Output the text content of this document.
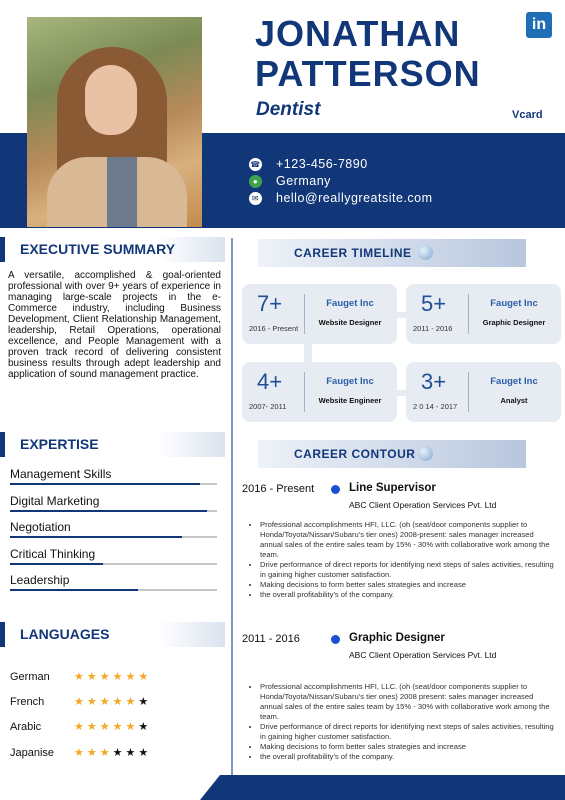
JONATHAN
PATTERSON
Dentist
in
Vcard
☎ +123-456-7890
● Germany
✉ hello@reallygreatsite.com
EXECUTIVE SUMMARY
A versatile, accomplished & goal-oriented professional with over 9+ years of experience in managing large-scale projects in the e-Commerce industry, including Business Development, Client Relationship Management, leadership, Retail Operations, operational excellence, and People Management with a proven track record of delivering consistent business results through adept leadership and application of sound management practice.
EXPERTISE
Management Skills
Digital Marketing
Negotiation
Critical Thinking
Leadership
LANGUAGES
German ★★★★★★
French	★★★★★★
Arabic	★★★★★★
Japanise ★★★★★★
CAREER TIMELINE
7+
2016 - Present
Fauget Inc
Website Designer
5+
2011 - 2016
Fauget Inc
Graphic Designer
4+
2007- 2011
Fauget Inc
Website Engineer
3+
2 0 14 - 2017
Fauget Inc
Analyst
CAREER CONTOUR
2016 - Present	Line Supervisor
ABC Client Operation Services Pvt. Ltd
• Professional accomplishments HFI, LLC. (oh (seat/door components supplier to Honda/Toyota/Nissan/Subaru's tier ones) 2008-present: sales manager increased annual sales of the entire sales team by 15% - 30% with collaborative work among the team.
• Drive performance of direct reports for identifying next steps of sales activities, resulting in gaining higher customer satisfaction.
• Making decisions to form better sales strategies and increase
• the overall profitability's of the company.
2011 - 2016	Graphic Designer
ABC Client Operation Services Pvt. Ltd
• Professional accomplishments HFI, LLC. (oh (seat/door components supplier to Honda/Toyota/Nissan/Subaru's tier ones) 2008 present: sales manager increased annual sales of the entire sales team by 15% - 30% with collaborative work among the team.
• Drive performance of direct reports for identifying next steps of sales activities, resulting in gaining higher customer satisfaction.
• Making decisions to form better sales strategies and increase
• the overall profitability's of the company.
